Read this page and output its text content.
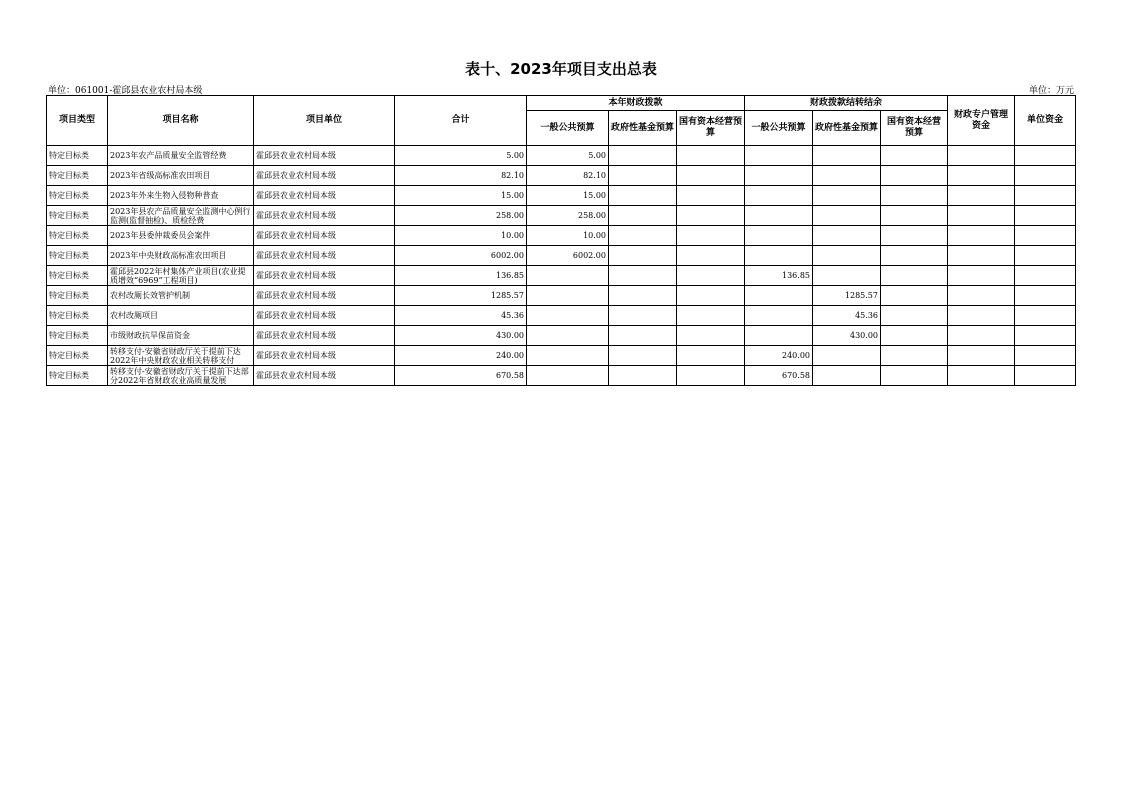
表十、2023年项目支出总表
单位：061001-霍邱县农业农村局本级	单位：万元
项目类型	项目名称	项目单位	合计	本年财政拨款			财政拨款结转结余			财政专户管理资金	单位资金
				一般公共预算	政府性基金预算	国有资本经营预算	一般公共预算	政府性基金预算	国有资本经营预算		
特定目标类	2023年农产品质量安全监管经费	霍邱县农业农村局本级	5.00	5.00							
特定目标类	2023年省级高标准农田项目	霍邱县农业农村局本级	82.10	82.10							
特定目标类	2023年外来生物入侵物种普查	霍邱县农业农村局本级	15.00	15.00							
特定目标类	2023年县农产品质量安全监测中心例行监测(监督抽检)、质检经费	霍邱县农业农村局本级	258.00	258.00							
特定目标类	2023年县委仲裁委员会案件	霍邱县农业农村局本级	10.00	10.00							
特定目标类	2023年中央财政高标准农田项目	霍邱县农业农村局本级	6002.00	6002.00							
特定目标类	霍邱县2022年村集体产业项目(农业提质增效“6969”工程项目)	霍邱县农业农村局本级	136.85				136.85				
特定目标类	农村改厕长效管护机制	霍邱县农业农村局本级	1285.57					1285.57			
特定目标类	农村改厕项目	霍邱县农业农村局本级	45.36					45.36			
特定目标类	市级财政抗旱保苗资金	霍邱县农业农村局本级	430.00					430.00			
特定目标类	转移支付-安徽省财政厅关于提前下达2022年中央财政农业相关转移支付	霍邱县农业农村局本级	240.00				240.00				
特定目标类	转移支付-安徽省财政厅关于提前下达部分2022年省财政农业高质量发展	霍邱县农业农村局本级	670.58				670.58				
